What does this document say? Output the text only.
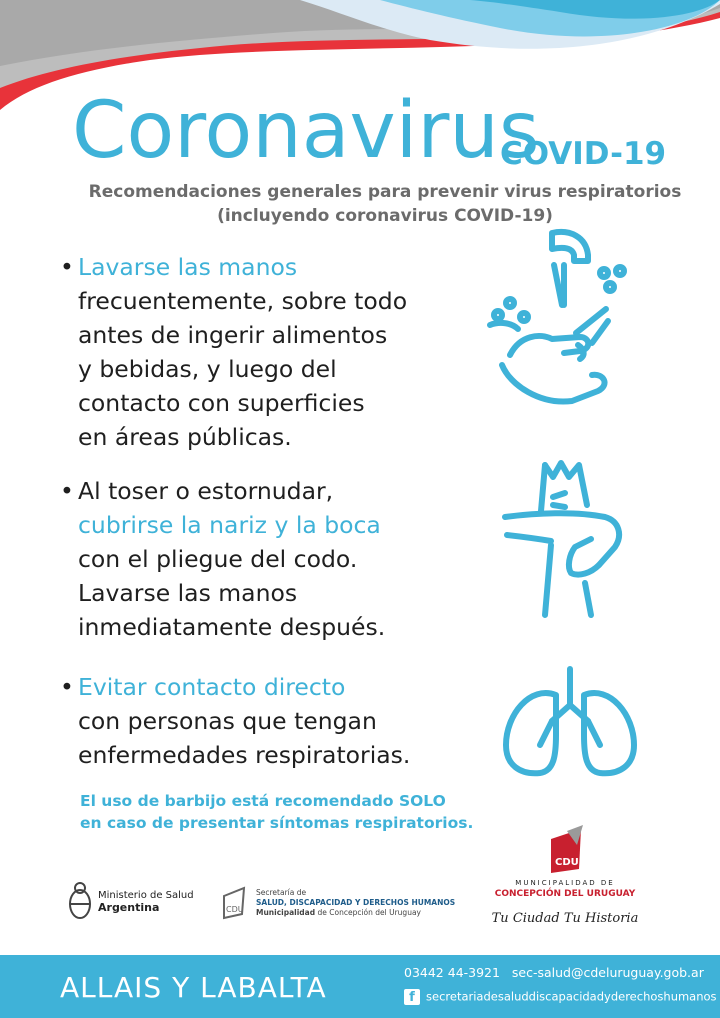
Coronavirus
COVID-19
Recomendaciones generales para prevenir virus respiratorios
(incluyendo coronavirus COVID-19)
• Lavarse las manos
frecuentemente, sobre todo
antes de ingerir alimentos
y bebidas, y luego del
contacto con superficies
en áreas públicas.
• Al toser o estornudar,
cubrirse la nariz y la boca
con el pliegue del codo.
Lavarse las manos
inmediatamente después.
• Evitar contacto directo
con personas que tengan
enfermedades respiratorias.
El uso de barbijo está recomendado SOLO
en caso de presentar síntomas respiratorios.
Ministerio de Salud
Argentina	CDU
Secretaría de
SALUD, DISCAPACIDAD Y DERECHOS HUMANOS
Municipalidad de Concepción del Uruguay
CDU
MUNICIPALIDAD DE
CONCEPCIÓN DEL URUGUAY
Tu Ciudad Tu Historia
ALLAIS Y LABALTA	03442 44-3921 sec-salud@cdeluruguay.gob.ar
f secretariadesaluddiscapacidadyderechoshumanos
